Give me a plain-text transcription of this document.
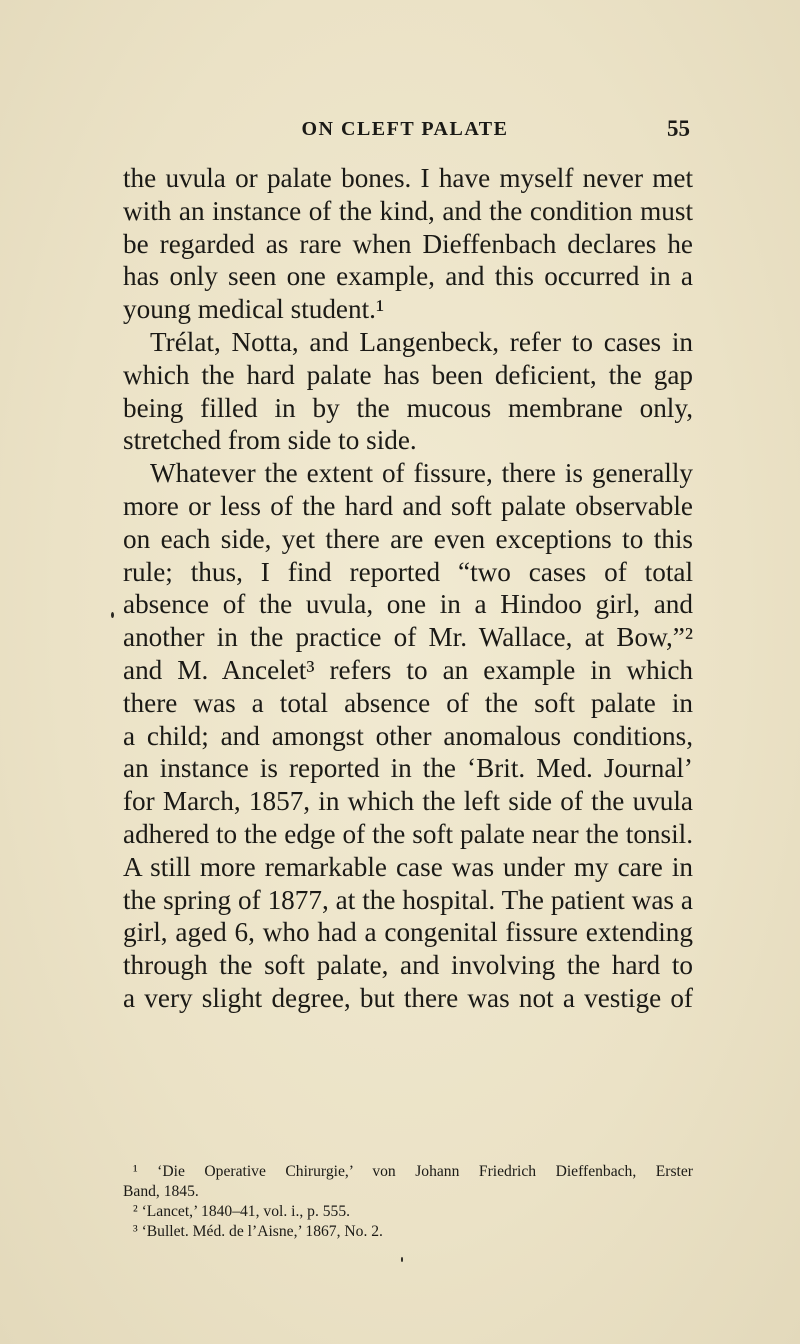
ON CLEFT PALATE	55
the uvula or palate bones. I have myself never met
with an instance of the kind, and the condition must
be regarded as rare when Dieffenbach declares he
has only seen one example, and this occurred in a
young medical student.¹
Trélat, Notta, and Langenbeck, refer to cases in
which the hard palate has been deficient, the gap
being filled in by the mucous membrane only,
stretched from side to side.
Whatever the extent of fissure, there is generally
more or less of the hard and soft palate observable
on each side, yet there are even exceptions to this
rule; thus, I find reported “two cases of total
absence of the uvula, one in a Hindoo girl, and
another in the practice of Mr. Wallace, at Bow,”²
and M. Ancelet³ refers to an example in which
there was a total absence of the soft palate in
a child; and amongst other anomalous conditions,
an instance is reported in the ‘Brit. Med. Journal’
for March, 1857, in which the left side of the uvula
adhered to the edge of the soft palate near the tonsil.
A still more remarkable case was under my care in
the spring of 1877, at the hospital. The patient was a
girl, aged 6, who had a congenital fissure extending
through the soft palate, and involving the hard to
a very slight degree, but there was not a vestige of
¹ ‘Die Operative Chirurgie,’ von Johann Friedrich Dieffenbach, Erster
Band, 1845.
² ‘Lancet,’ 1840–41, vol. i., p. 555.
³ ‘Bullet. Méd. de l’Aisne,’ 1867, No. 2.
